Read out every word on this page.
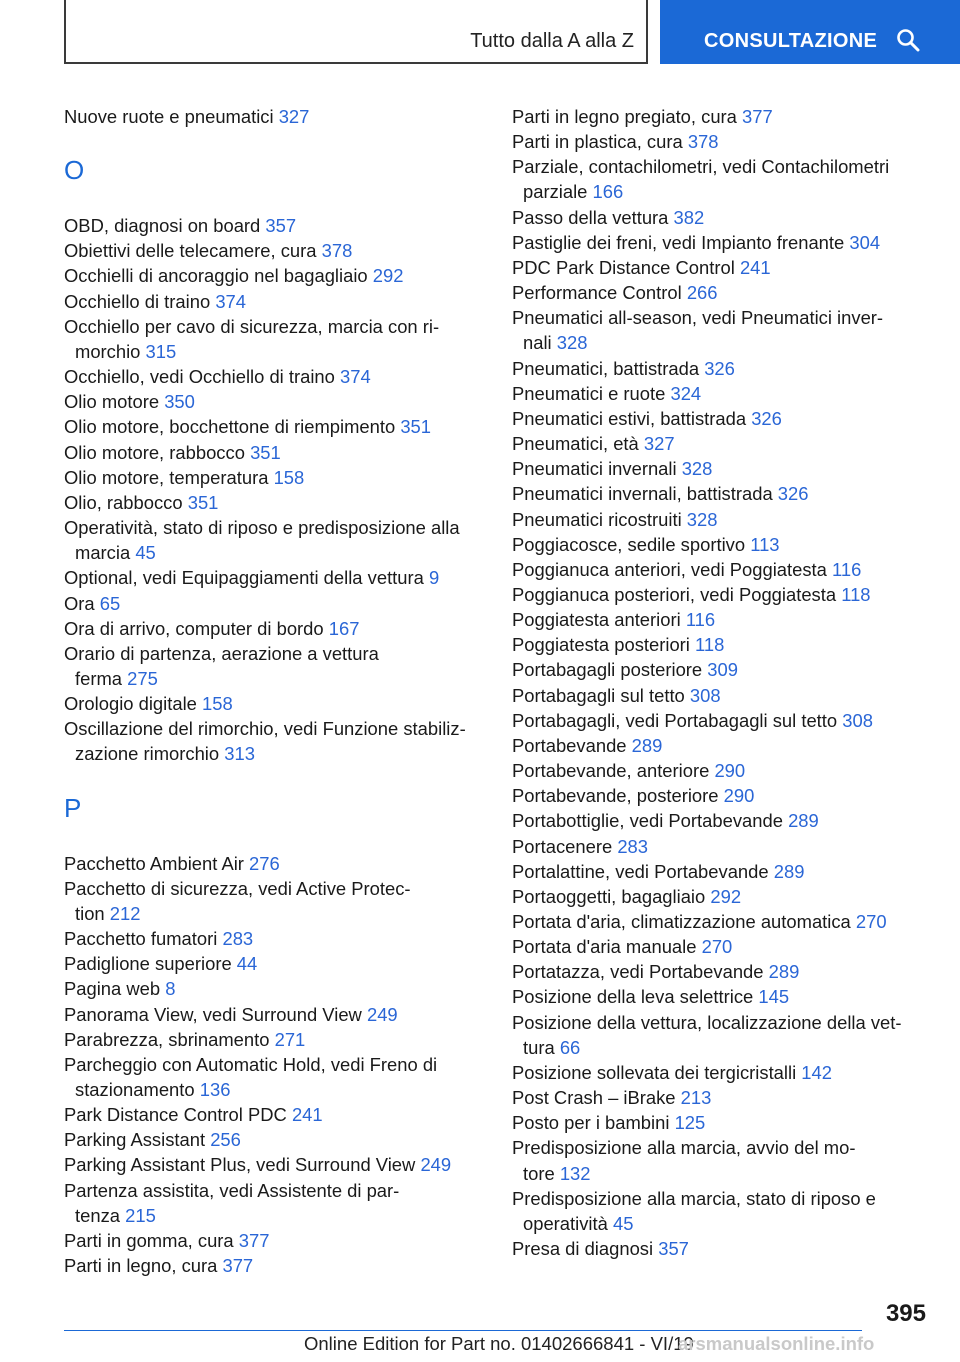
Tutto dalla A alla Z	CONSULTAZIONE
Nuove ruote e pneumatici 327
O
OBD, diagnosi on board 357
Obiettivi delle telecamere, cura 378
Occhielli di ancoraggio nel bagagliaio 292
Occhiello di traino 374
Occhiello per cavo di sicurezza, marcia con ri-
morchio 315
Occhiello, vedi Occhiello di traino 374
Olio motore 350
Olio motore, bocchettone di riempimento 351
Olio motore, rabbocco 351
Olio motore, temperatura 158
Olio, rabbocco 351
Operatività, stato di riposo e predisposizione alla
marcia 45
Optional, vedi Equipaggiamenti della vettura 9
Ora 65
Ora di arrivo, computer di bordo 167
Orario di partenza, aerazione a vettura
ferma 275
Orologio digitale 158
Oscillazione del rimorchio, vedi Funzione stabiliz-
zazione rimorchio 313
P
Pacchetto Ambient Air 276
Pacchetto di sicurezza, vedi Active Protec-
tion 212
Pacchetto fumatori 283
Padiglione superiore 44
Pagina web 8
Panorama View, vedi Surround View 249
Parabrezza, sbrinamento 271
Parcheggio con Automatic Hold, vedi Freno di
stazionamento 136
Park Distance Control PDC 241
Parking Assistant 256
Parking Assistant Plus, vedi Surround View 249
Partenza assistita, vedi Assistente di par-
tenza 215
Parti in gomma, cura 377
Parti in legno, cura 377
Parti in legno pregiato, cura 377
Parti in plastica, cura 378
Parziale, contachilometri, vedi Contachilometri
parziale 166
Passo della vettura 382
Pastiglie dei freni, vedi Impianto frenante 304
PDC Park Distance Control 241
Performance Control 266
Pneumatici all-season, vedi Pneumatici inver-
nali 328
Pneumatici, battistrada 326
Pneumatici e ruote 324
Pneumatici estivi, battistrada 326
Pneumatici, età 327
Pneumatici invernali 328
Pneumatici invernali, battistrada 326
Pneumatici ricostruiti 328
Poggiacosce, sedile sportivo 113
Poggianuca anteriori, vedi Poggiatesta 116
Poggianuca posteriori, vedi Poggiatesta 118
Poggiatesta anteriori 116
Poggiatesta posteriori 118
Portabagagli posteriore 309
Portabagagli sul tetto 308
Portabagagli, vedi Portabagagli sul tetto 308
Portabevande 289
Portabevande, anteriore 290
Portabevande, posteriore 290
Portabottiglie, vedi Portabevande 289
Portacenere 283
Portalattine, vedi Portabevande 289
Portaoggetti, bagagliaio 292
Portata d'aria, climatizzazione automatica 270
Portata d'aria manuale 270
Portatazza, vedi Portabevande 289
Posizione della leva selettrice 145
Posizione della vettura, localizzazione della vet-
tura 66
Posizione sollevata dei tergicristalli 142
Post Crash – iBrake 213
Posto per i bambini 125
Predisposizione alla marcia, avvio del mo-
tore 132
Predisposizione alla marcia, stato di riposo e
operatività 45
Presa di diagnosi 357
395
Online Edition for Part no. 01402666841 - VI/19
arsmanualsonline.info
